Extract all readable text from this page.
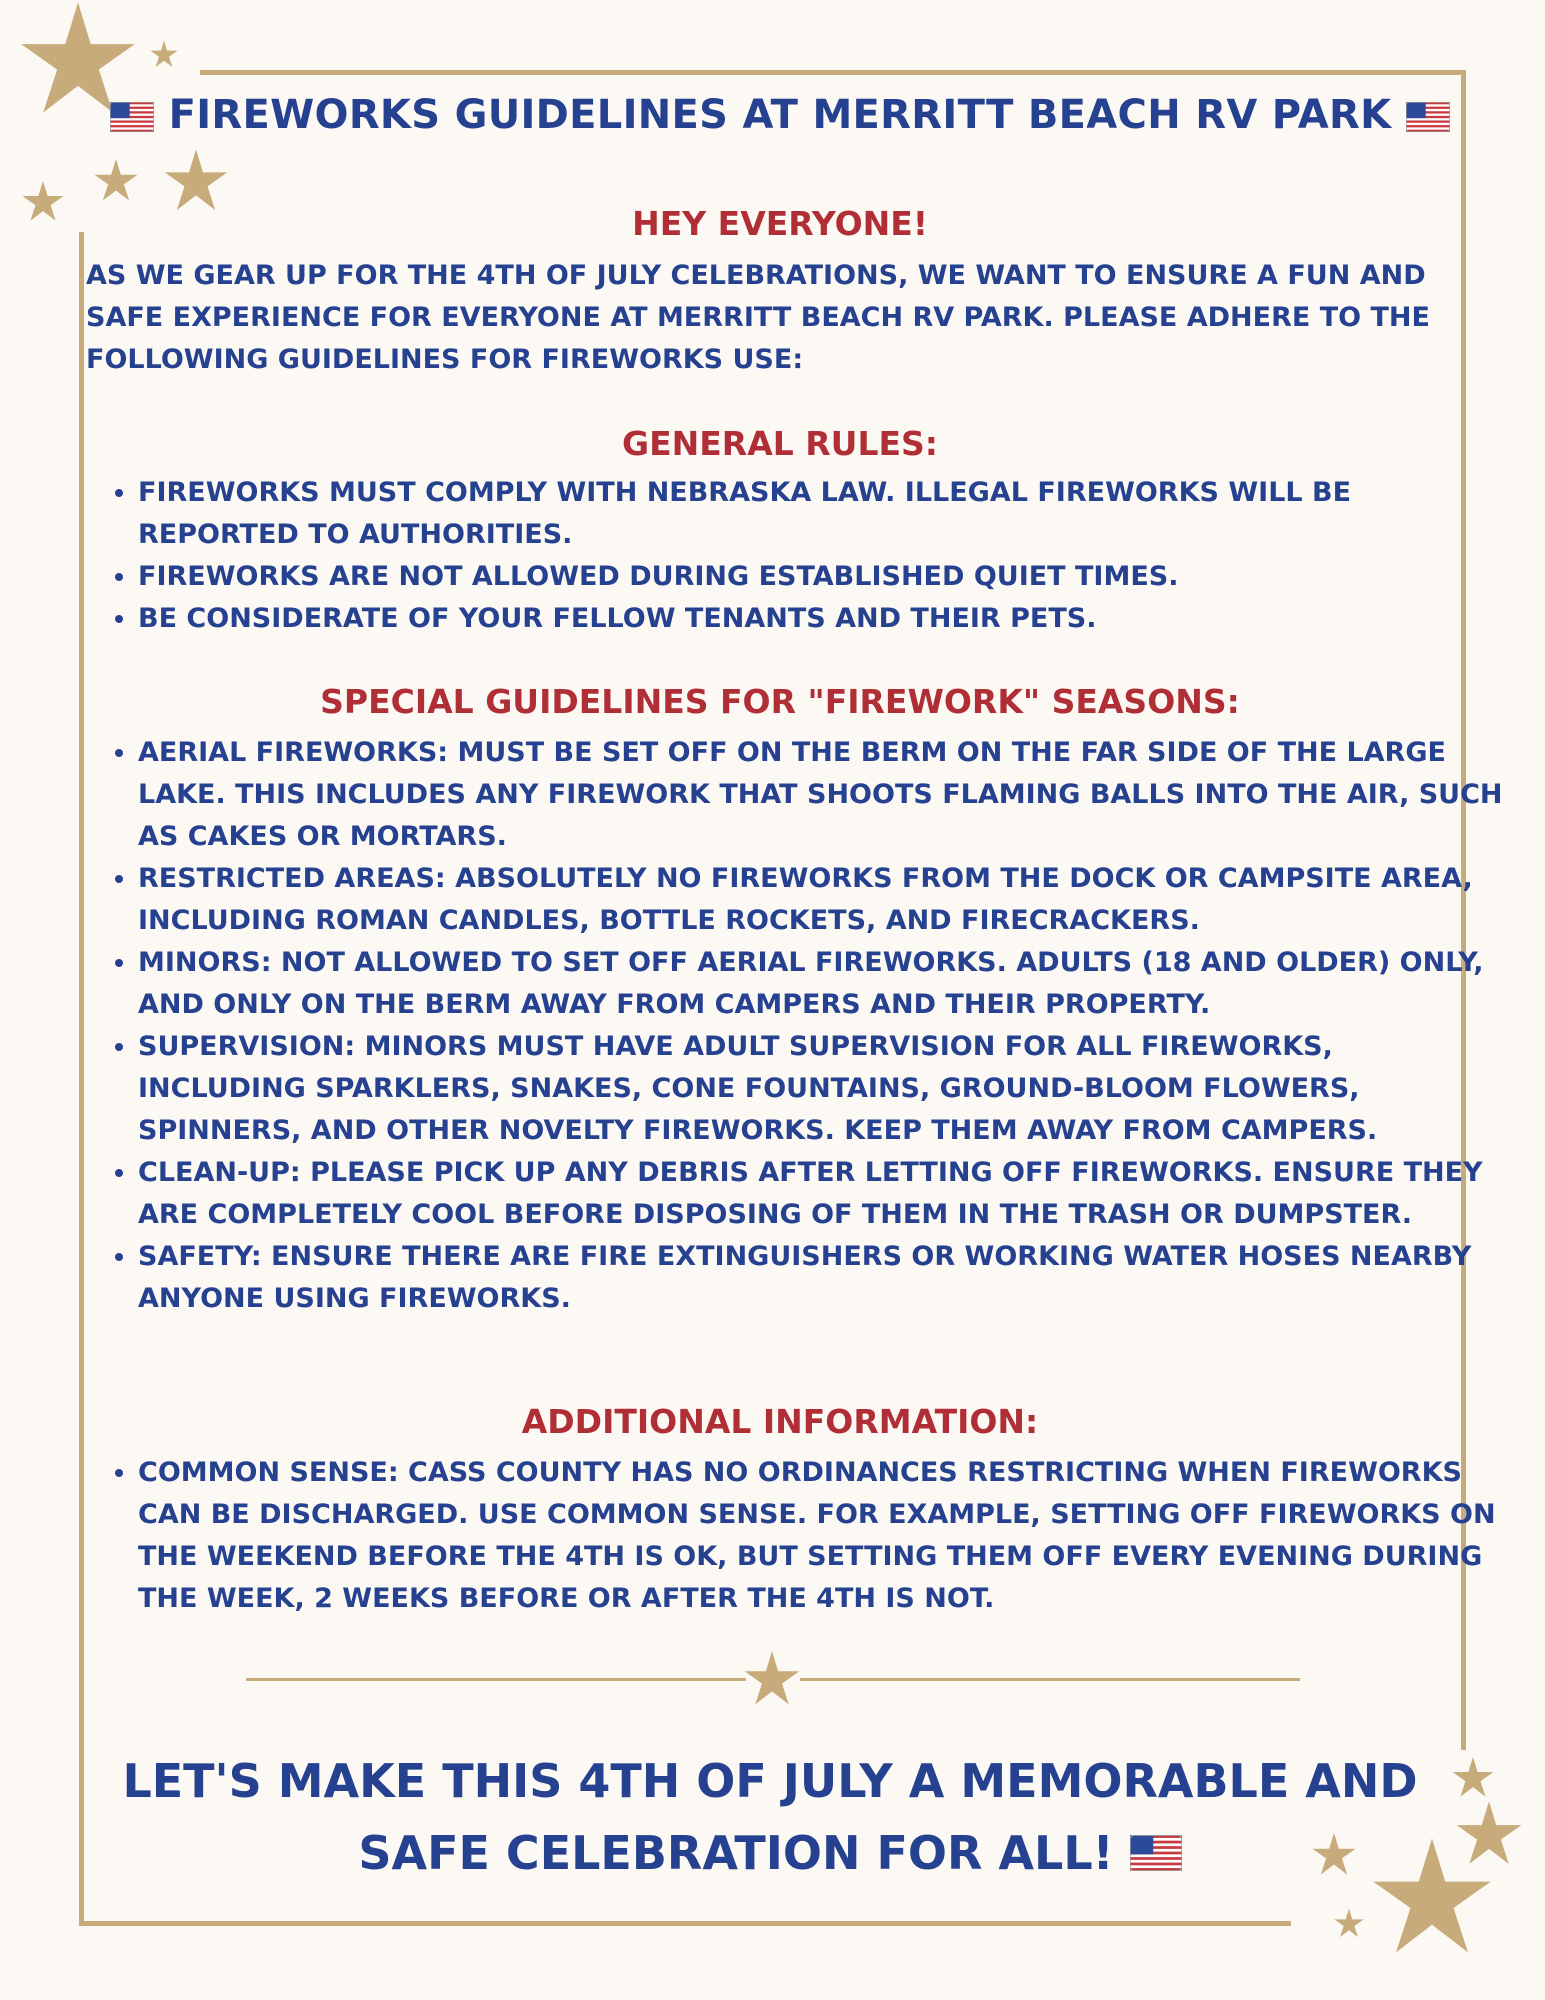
FIREWORKS GUIDELINES AT MERRITT BEACH RV PARK
HEY EVERYONE!

AS WE GEAR UP FOR THE 4TH OF JULY CELEBRATIONS, WE WANT TO ENSURE A FUN AND SAFE EXPERIENCE FOR EVERYONE AT MERRITT BEACH RV PARK. PLEASE ADHERE TO THE FOLLOWING GUIDELINES FOR FIREWORKS USE:

GENERAL RULES:
• FIREWORKS MUST COMPLY WITH NEBRASKA LAW. ILLEGAL FIREWORKS WILL BE REPORTED TO AUTHORITIES.
• FIREWORKS ARE NOT ALLOWED DURING ESTABLISHED QUIET TIMES.
• BE CONSIDERATE OF YOUR FELLOW TENANTS AND THEIR PETS.
SPECIAL GUIDELINES FOR "FIREWORK" SEASONS:
• AERIAL FIREWORKS: MUST BE SET OFF ON THE BERM ON THE FAR SIDE OF THE LARGE LAKE. THIS INCLUDES ANY FIREWORK THAT SHOOTS FLAMING BALLS INTO THE AIR, SUCH AS CAKES OR MORTARS.
• RESTRICTED AREAS: ABSOLUTELY NO FIREWORKS FROM THE DOCK OR CAMPSITE AREA, INCLUDING ROMAN CANDLES, BOTTLE ROCKETS, AND FIRECRACKERS.
• MINORS: NOT ALLOWED TO SET OFF AERIAL FIREWORKS. ADULTS (18 AND OLDER) ONLY, AND ONLY ON THE BERM AWAY FROM CAMPERS AND THEIR PROPERTY.
• SUPERVISION: MINORS MUST HAVE ADULT SUPERVISION FOR ALL FIREWORKS, INCLUDING SPARKLERS, SNAKES, CONE FOUNTAINS, GROUND-BLOOM FLOWERS, SPINNERS, AND OTHER NOVELTY FIREWORKS. KEEP THEM AWAY FROM CAMPERS.
• CLEAN-UP: PLEASE PICK UP ANY DEBRIS AFTER LETTING OFF FIREWORKS. ENSURE THEY ARE COMPLETELY COOL BEFORE DISPOSING OF THEM IN THE TRASH OR DUMPSTER.
• SAFETY: ENSURE THERE ARE FIRE EXTINGUISHERS OR WORKING WATER HOSES NEARBY ANYONE USING FIREWORKS.
ADDITIONAL INFORMATION:
• COMMON SENSE: CASS COUNTY HAS NO ORDINANCES RESTRICTING WHEN FIREWORKS CAN BE DISCHARGED. USE COMMON SENSE. FOR EXAMPLE, SETTING OFF FIREWORKS ON THE WEEKEND BEFORE THE 4TH IS OK, BUT SETTING THEM OFF EVERY EVENING DURING THE WEEK, 2 WEEKS BEFORE OR AFTER THE 4TH IS NOT.
LET'S MAKE THIS 4TH OF JULY A MEMORABLE AND
SAFE CELEBRATION FOR ALL!
